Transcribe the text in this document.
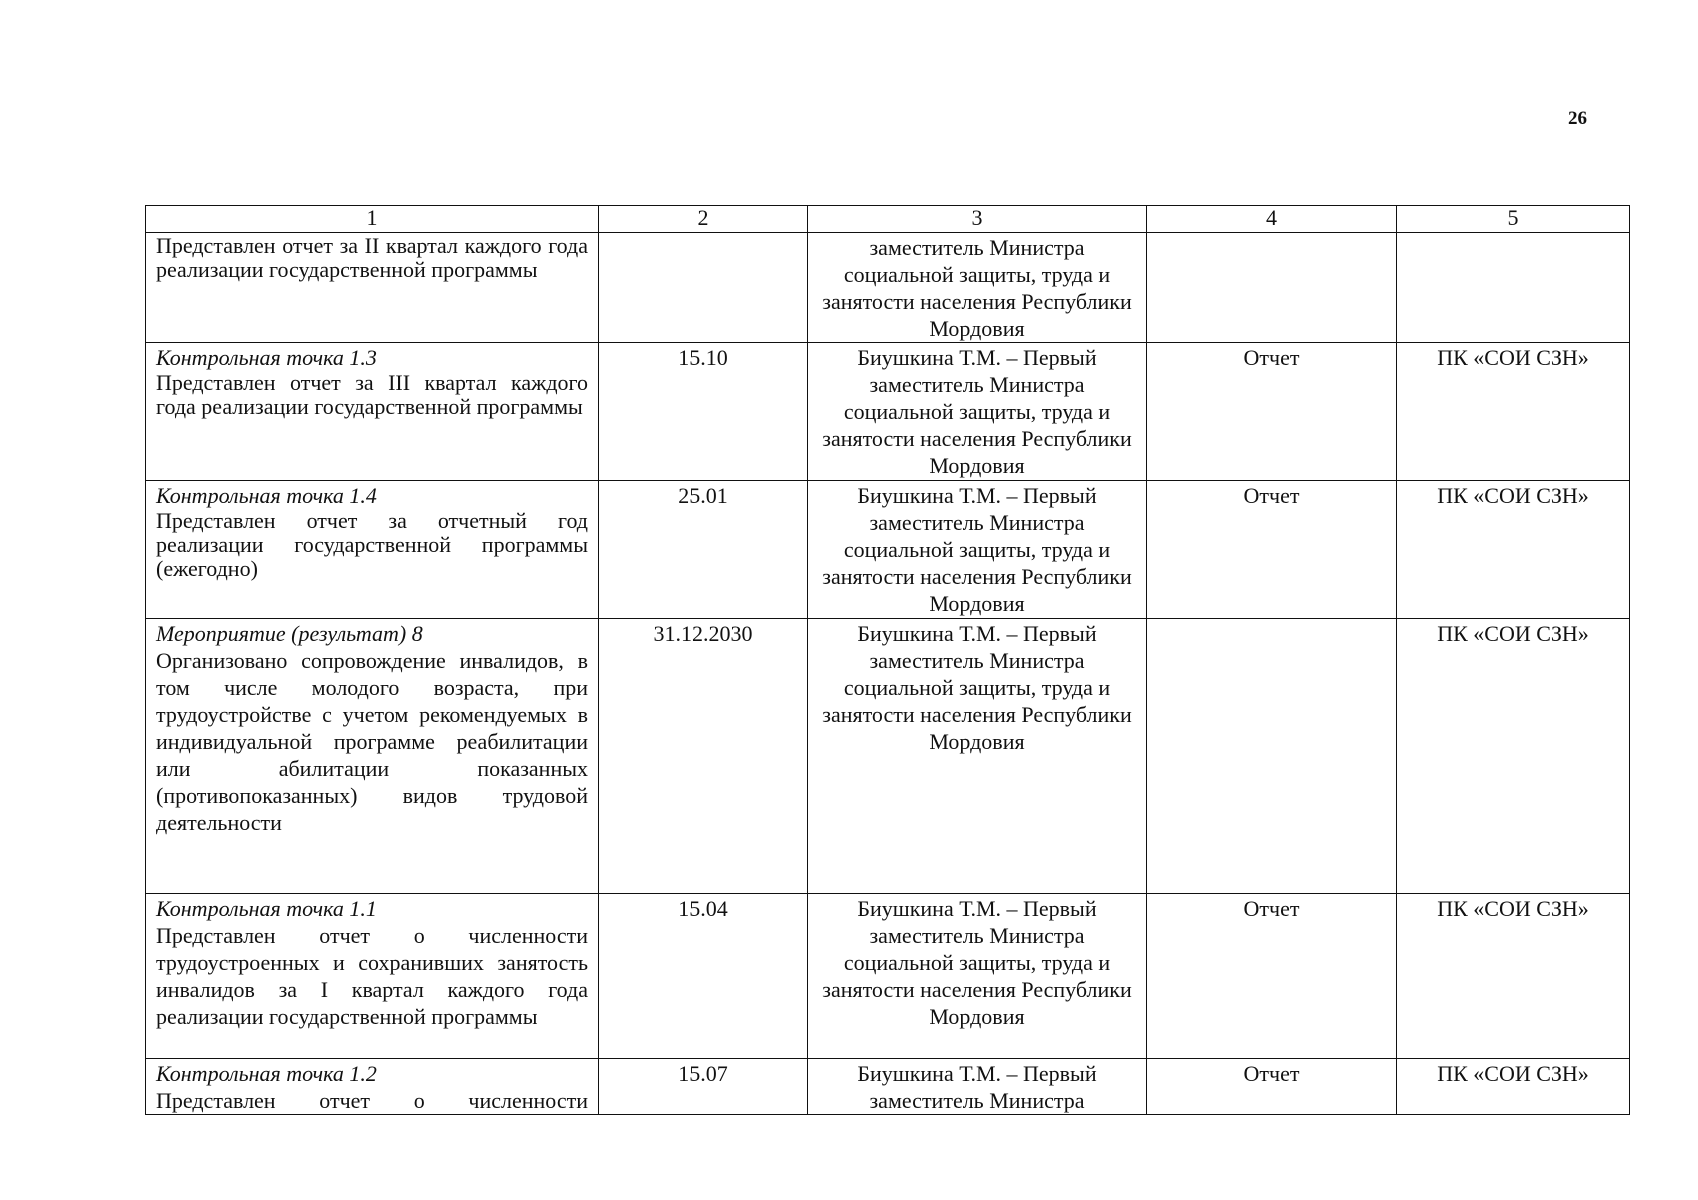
26
1	2	3	4	5

Представлен отчет за II квартал каждого года реализации государственной программы		заместитель Министра социальной защиты, труда и занятости населения Республики Мордовия		

Контрольная точка 1.3
Представлен отчет за III квартал каждого года реализации государственной программы	15.10	Биушкина Т.М. – Первый заместитель Министра социальной защиты, труда и занятости населения Республики Мордовия	Отчет	ПК «СОИ СЗН»

Контрольная точка 1.4
Представлен отчет за отчетный год реализации государственной программы (ежегодно)	25.01	Биушкина Т.М. – Первый заместитель Министра социальной защиты, труда и занятости населения Республики Мордовия	Отчет	ПК «СОИ СЗН»

Мероприятие (результат) 8
Организовано сопровождение инвалидов, в том числе молодого возраста, при трудоустройстве с учетом рекомендуемых в индивидуальной программе реабилитации или абилитации показанных (противопоказанных) видов трудовой деятельности	31.12.2030	Биушкина Т.М. – Первый заместитель Министра социальной защиты, труда и занятости населения Республики Мордовия		ПК «СОИ СЗН»

Контрольная точка 1.1
Представлен отчет о численности трудоустроенных и сохранивших занятость инвалидов за I квартал каждого года реализации государственной программы	15.04	Биушкина Т.М. – Первый заместитель Министра социальной защиты, труда и занятости населения Республики Мордовия	Отчет	ПК «СОИ СЗН»

Контрольная точка 1.2
Представлен отчет о численности	15.07	Биушкина Т.М. – Первый заместитель Министра	Отчет	ПК «СОИ СЗН»
